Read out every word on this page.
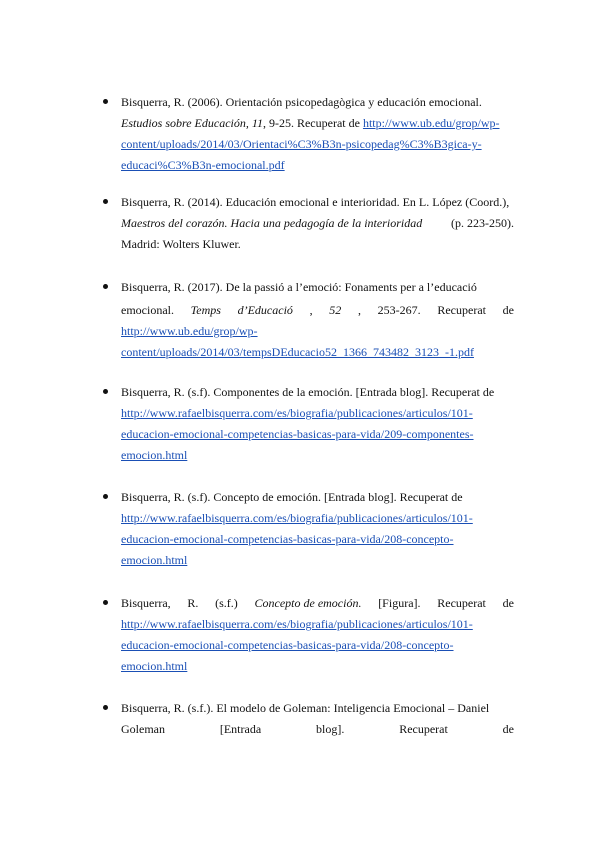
Bisquerra, R. (2006). Orientación psicopedagògica y educación emocional.
Estudios sobre Educación, 11, 9-25. Recuperat de http://www.ub.edu/grop/wp-
content/uploads/2014/03/Orientaci%C3%B3n-psicopedag%C3%B3gica-y-
educaci%C3%B3n-emocional.pdf
Bisquerra, R. (2014). Educación emocional e interioridad. En L. López (Coord.),
Maestros del corazón. Hacia una pedagogía de la interioridad (p. 223-250).
Madrid: Wolters Kluwer.
Bisquerra, R. (2017). De la passió a l’emoció: Fonaments per a l’educació
emocional. Temps d’Educació , 52 , 253-267. Recuperat de
http://www.ub.edu/grop/wp-
content/uploads/2014/03/tempsDEducacio52_1366_743482_3123_-1.pdf
Bisquerra, R. (s.f). Componentes de la emoción. [Entrada blog]. Recuperat de
http://www.rafaelbisquerra.com/es/biografia/publicaciones/articulos/101-
educacion-emocional-competencias-basicas-para-vida/209-componentes-
emocion.html
Bisquerra, R. (s.f). Concepto de emoción. [Entrada blog]. Recuperat de
http://www.rafaelbisquerra.com/es/biografia/publicaciones/articulos/101-
educacion-emocional-competencias-basicas-para-vida/208-concepto-
emocion.html
Bisquerra, R. (s.f.) Concepto de emoción. [Figura]. Recuperat de
http://www.rafaelbisquerra.com/es/biografia/publicaciones/articulos/101-
educacion-emocional-competencias-basicas-para-vida/208-concepto-
emocion.html
Bisquerra, R. (s.f.). El modelo de Goleman: Inteligencia Emocional – Daniel
Goleman	[Entrada	blog].	Recuperat	de
